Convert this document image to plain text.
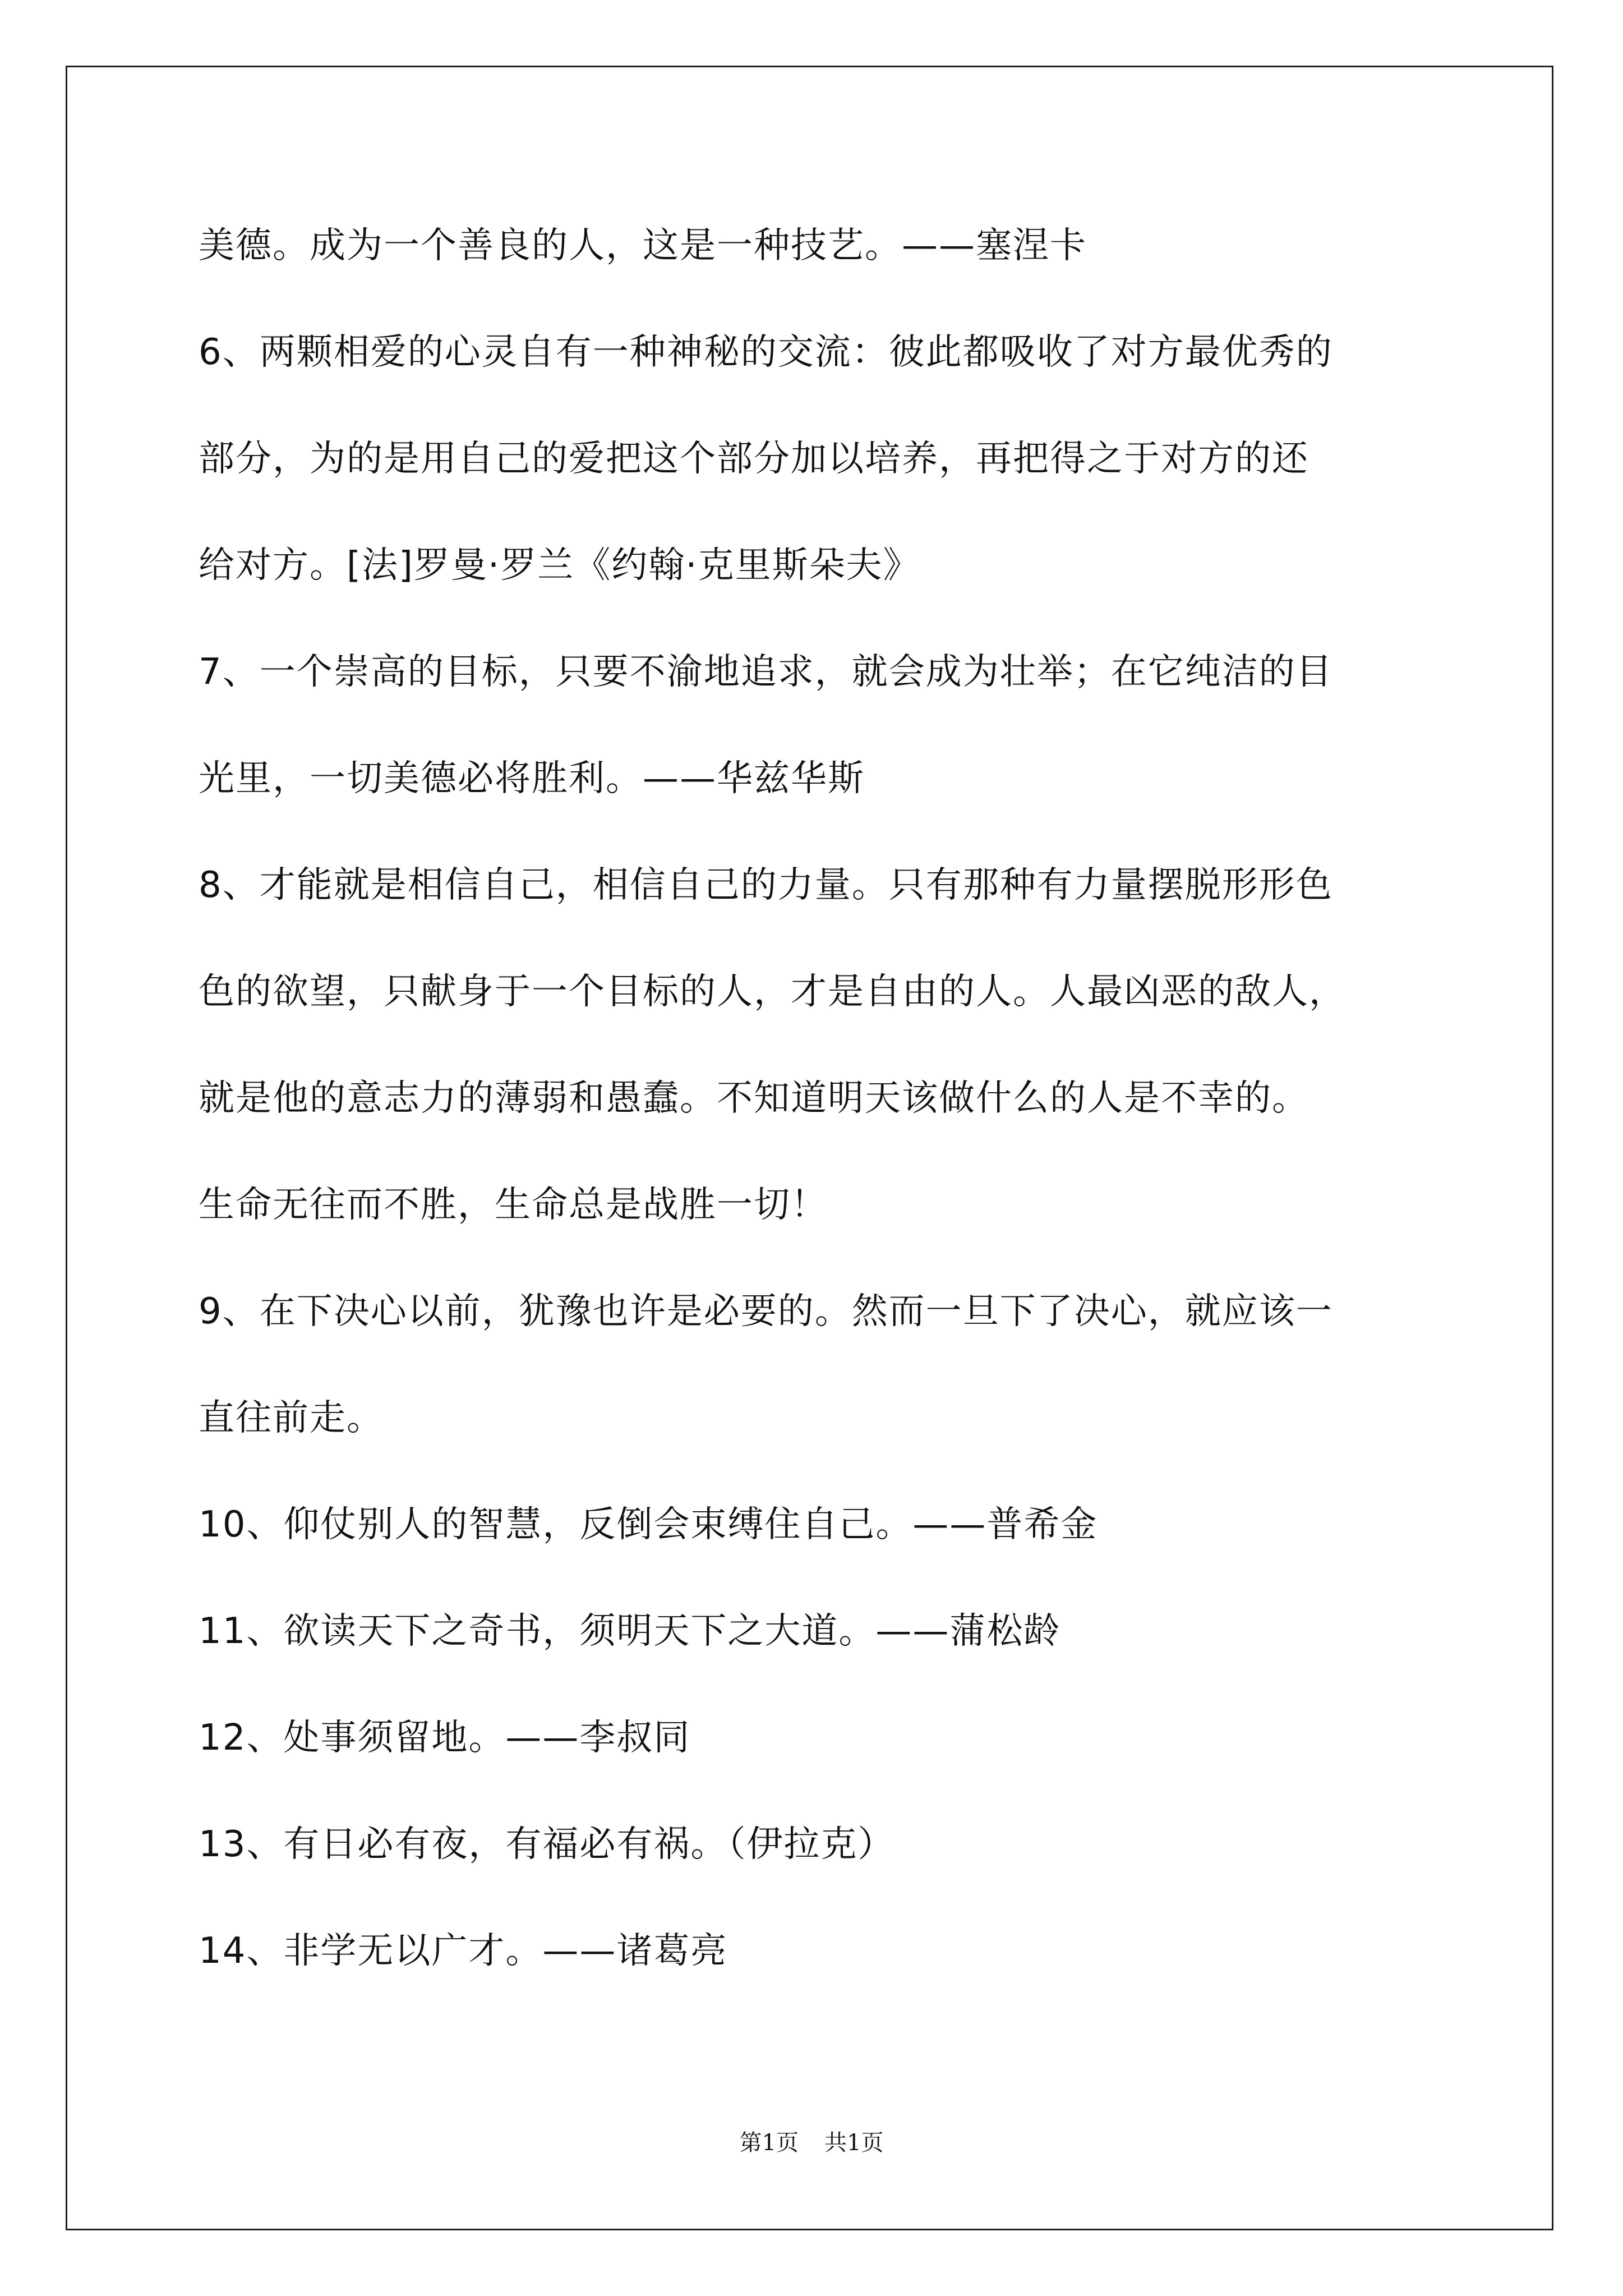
美德。成为一个善良的人，这是一种技艺。——塞涅卡
6、两颗相爱的心灵自有一种神秘的交流：彼此都吸收了对方最优秀的
部分，为的是用自己的爱把这个部分加以培养，再把得之于对方的还
给对方。[法]罗曼·罗兰《约翰·克里斯朵夫》
7、一个崇高的目标，只要不渝地追求，就会成为壮举；在它纯洁的目
光里，一切美德必将胜利。——华兹华斯
8、才能就是相信自己，相信自己的力量。只有那种有力量摆脱形形色
色的欲望，只献身于一个目标的人，才是自由的人。人最凶恶的敌人，
就是他的意志力的薄弱和愚蠢。不知道明天该做什么的人是不幸的。
生命无往而不胜，生命总是战胜一切！
9、在下决心以前，犹豫也许是必要的。然而一旦下了决心，就应该一
直往前走。
10、仰仗别人的智慧，反倒会束缚住自己。——普希金
11、欲读天下之奇书，须明天下之大道。——蒲松龄
12、处事须留地。——李叔同
13、有日必有夜，有福必有祸。（伊拉克）
14、非学无以广才。——诸葛亮
第1页 共1页
